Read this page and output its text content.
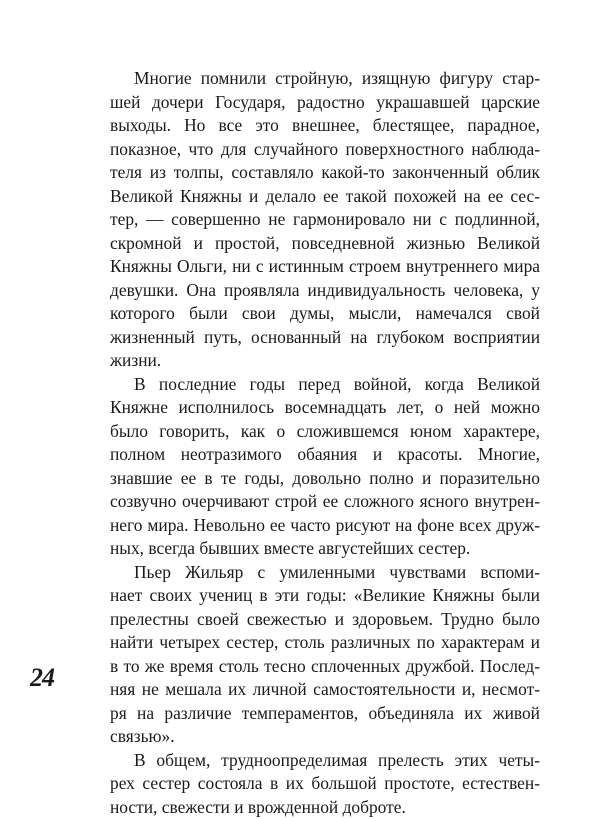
Многие помнили стройную, изящную фигуру стар-
шей дочери Государя, радостно украшавшей царские
выходы. Но все это внешнее, блестящее, парадное,
показное, что для случайного поверхностного наблюда-
теля из толпы, составляло какой-то законченный облик
Великой Княжны и делало ее такой похожей на ее сес-
тер, — совершенно не гармонировало ни с подлинной,
скромной и простой, повседневной жизнью Великой
Княжны Ольги, ни с истинным строем внутреннего мира
девушки. Она проявляла индивидуальность человека, у
которого были свои думы, мысли, намечался свой
жизненный путь, основанный на глубоком восприятии
жизни.

В последние годы перед войной, когда Великой
Княжне исполнилось восемнадцать лет, о ней можно
было говорить, как о сложившемся юном характере,
полном неотразимого обаяния и красоты. Многие,
знавшие ее в те годы, довольно полно и поразительно
созвучно очерчивают строй ее сложного ясного внутрен-
него мира. Невольно ее часто рисуют на фоне всех друж-
ных, всегда бывших вместе августейших сестер.

Пьер Жильяр с умиленными чувствами вспоми-
нает своих учениц в эти годы: «Великие Княжны были
прелестны своей свежестью и здоровьем. Трудно было
найти четырех сестер, столь различных по характерам и
в то же время столь тесно сплоченных дружбой. Послед-
няя не мешала их личной самостоятельности и, несмот-
ря на различие темпераментов, объединяла их живой
связью».

В общем, трудноопределимая прелесть этих четы-
рех сестер состояла в их большой простоте, естествен-
ности, свежести и врожденной доброте.

24
